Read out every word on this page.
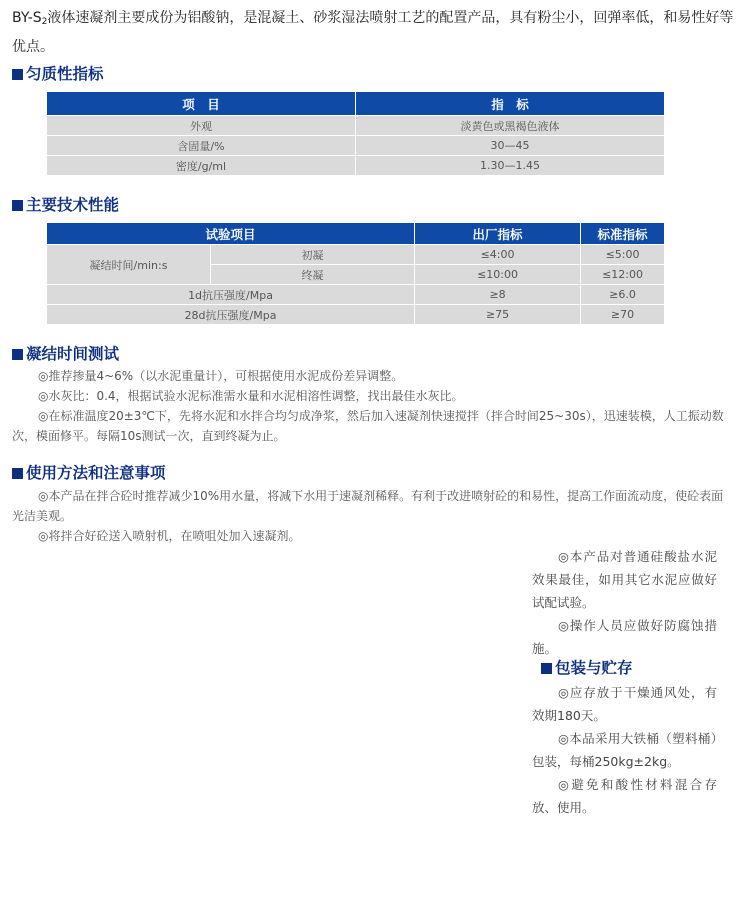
$BY-S_2$液体速凝剂主要成份为铝酸钠，是混凝土、砂浆湿法喷射工艺的配置产品，具有粉尘小，回弹率低，和易性好等优点。
匀质性指标
项　目	指　标
外观	淡黄色或黑褐色液体
含固量/%	30—45
密度/g/ml	1.30—1.45
主要技术性能
试验项目		出厂指标	标准指标
凝结时间/min:s	初凝	≤4:00	≤5:00
	终凝	≤10:00	≤12:00
1d抗压强度/Mpa		≥8	≥6.0
28d抗压强度/Mpa		≥75	≥70
凝结时间测试

◎推荐掺量4~6%（以水泥重量计），可根据使用水泥成份差异调整。

◎水灰比：0.4，根据试验水泥标准需水量和水泥相溶性调整，找出最佳水灰比。

◎在标准温度20±3℃下，先将水泥和水拌合均匀成净浆，然后加入速凝剂快速搅拌（拌合时间25~30s），迅速装模，人工振动数次，模面修平。每隔10s测试一次，直到终凝为止。

使用方法和注意事项

◎本产品在拌合砼时推荐减少10%用水量，将减下水用于速凝剂稀释。有利于改进喷射砼的和易性，提高工作面流动度，使砼表面光洁美观。

◎将拌合好砼送入喷射机，在喷咀处加入速凝剂。

◎本产品对普通硅酸盐水泥效果最佳，如用其它水泥应做好试配试验。

◎操作人员应做好防腐蚀措施。

包装与贮存

◎应存放于干燥通风处，有效期180天。

◎本品采用大铁桶（塑料桶）包装，每桶250kg±2kg。

◎避免和酸性材料混合存放、使用。
